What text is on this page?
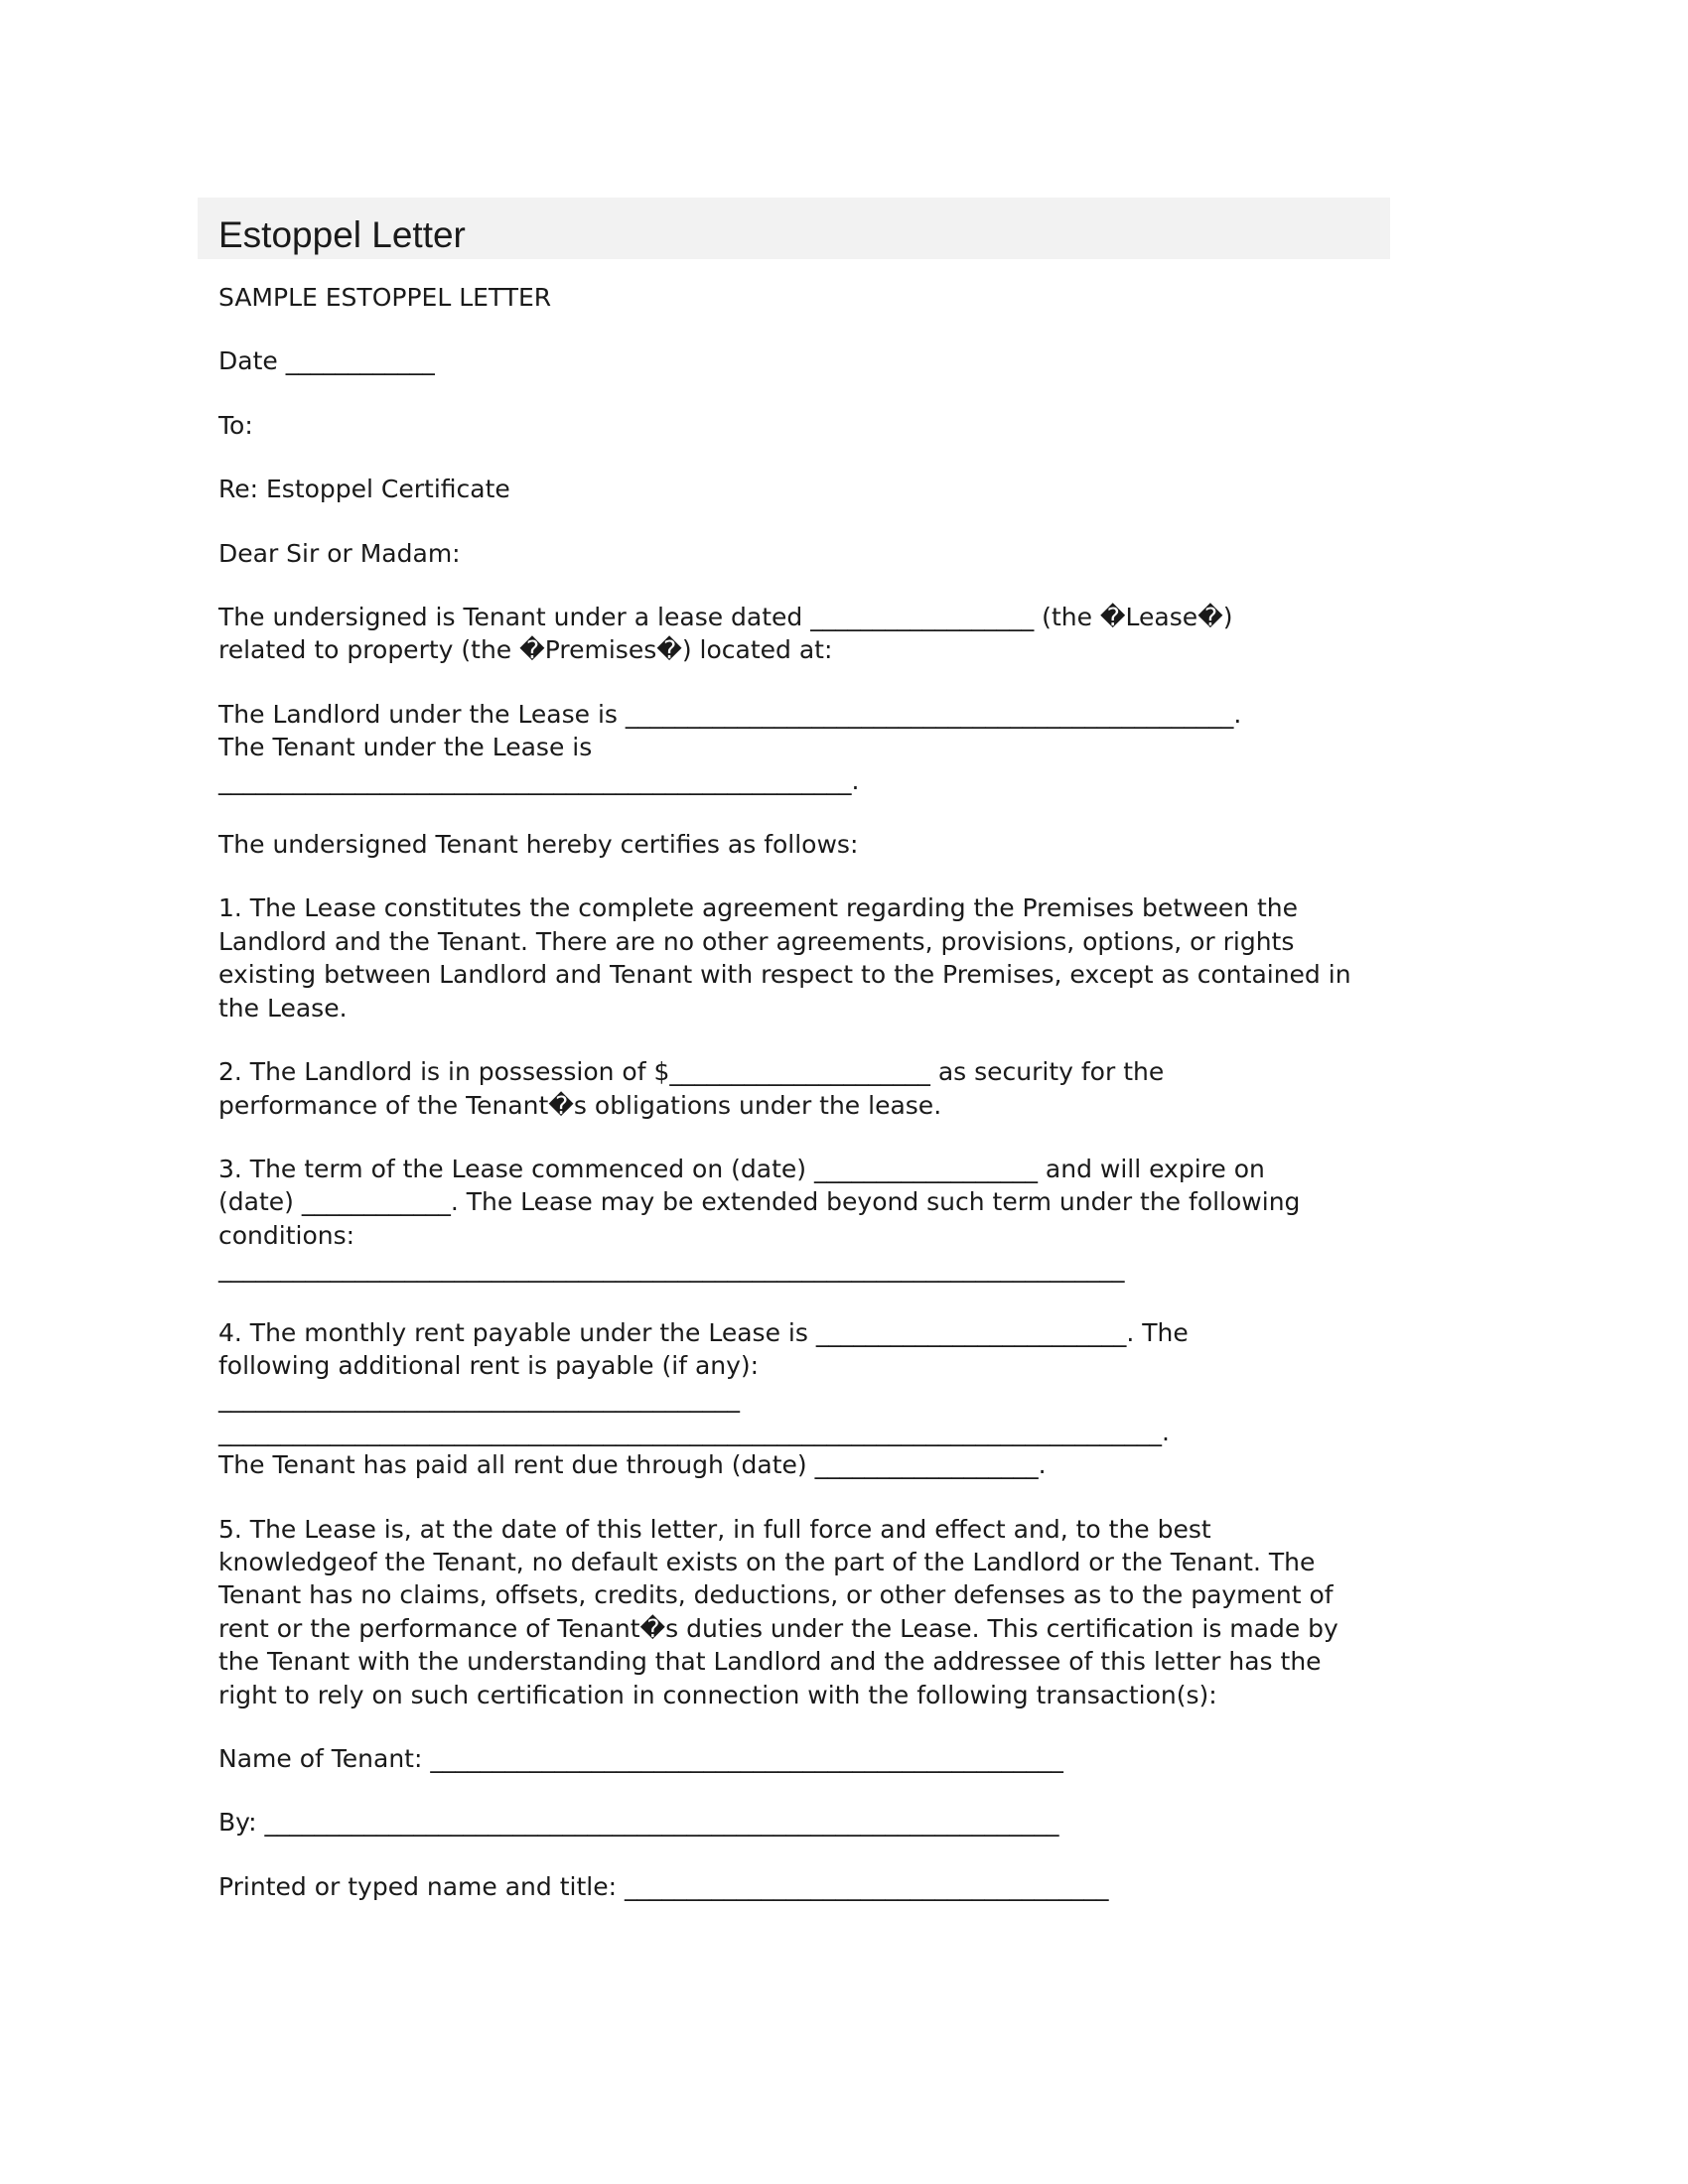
Estoppel Letter

SAMPLE ESTOPPEL LETTER

Date ____________

To:

Re: Estoppel Certificate

Dear Sir or Madam:

The undersigned is Tenant under a lease dated __________________ (the �Lease�)
related to property (the �Premises�) located at:

The Landlord under the Lease is _________________________________________________.
The Tenant under the Lease is
___________________________________________________.

The undersigned Tenant hereby certifies as follows:

1. The Lease constitutes the complete agreement regarding the Premises between the
Landlord and the Tenant. There are no other agreements, provisions, options, or rights
existing between Landlord and Tenant with respect to the Premises, except as contained in
the Lease.

2. The Landlord is in possession of $_____________________ as security for the
performance of the Tenant�s obligations under the lease.

3. The term of the Lease commenced on (date) __________________ and will expire on
(date) ____________. The Lease may be extended beyond such term under the following
conditions:
_________________________________________________________________________

4. The monthly rent payable under the Lease is _________________________. The
following additional rent is payable (if any):
__________________________________________
____________________________________________________________________________.
The Tenant has paid all rent due through (date) __________________.

5. The Lease is, at the date of this letter, in full force and effect and, to the best
knowledgeof the Tenant, no default exists on the part of the Landlord or the Tenant. The
Tenant has no claims, offsets, credits, deductions, or other defenses as to the payment of
rent or the performance of Tenant�s duties under the Lease. This certification is made by
the Tenant with the understanding that Landlord and the addressee of this letter has the
right to rely on such certification in connection with the following transaction(s):

Name of Tenant: ___________________________________________________

By: ________________________________________________________________

Printed or typed name and title: _______________________________________
